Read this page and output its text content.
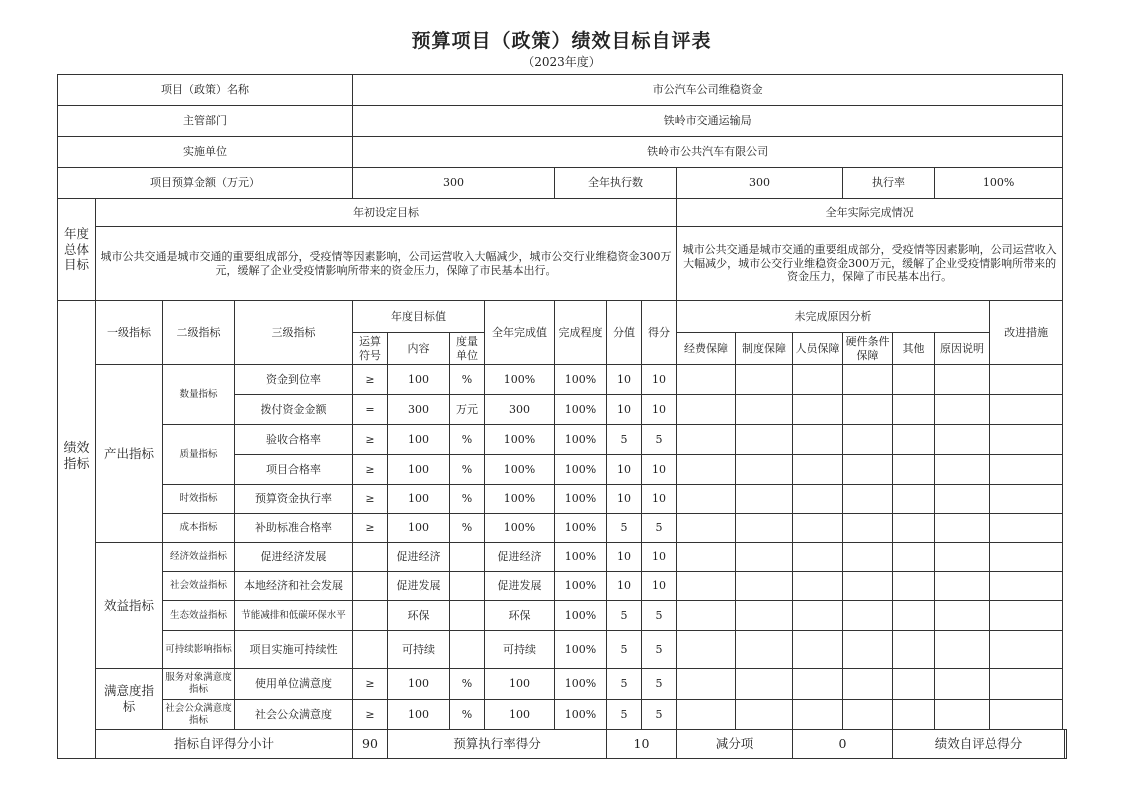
预算项目（政策）绩效目标自评表
（2023年度）
项目（政策）名称				市公汽车公司维稳资金														
主管部门				铁岭市交通运输局														
实施单位				铁岭市公共汽车有限公司														
项目预算金额（万元）				300				全年执行数			300			执行率		100%		
年度总体目标	年初设定目标										全年实际完成情况							
	城市公共交通是城市交通的重要组成部分，受疫情等因素影响，公司运营收入大幅减少，城市公交行业维稳资金300万元，缓解了企业受疫情影响所带来的资金压力，保障了市民基本出行。										城市公共交通是城市交通的重要组成部分，受疫情等因素影响，公司运营收入大幅减少，城市公交行业维稳资金300万元，缓解了企业受疫情影响所带来的资金压力，保障了市民基本出行。							
绩效指标	一级指标	二级指标	三级指标	年度目标值			全年完成值	完成程度	分值	得分	未完成原因分析						改进措施	
				运算符号	内容	度量单位					经费保障	制度保障	人员保障	硬件条件保障	其他	原因说明		
	产出指标	数量指标	资金到位率	≥	100	%	100%	100%	10	10								
			拨付资金金额	=	300	万元	300	100%	10	10								
		质量指标	验收合格率	≥	100	%	100%	100%	5	5								
			项目合格率	≥	100	%	100%	100%	10	10								
		时效指标	预算资金执行率	≥	100	%	100%	100%	10	10								
		成本指标	补助标准合格率	≥	100	%	100%	100%	5	5								
	效益指标	经济效益指标	促进经济发展		促进经济		促进经济	100%	10	10								
		社会效益指标	本地经济和社会发展		促进发展		促进发展	100%	10	10								
		生态效益指标	节能减排和低碳环保水平		环保		环保	100%	5	5								
		可持续影响指标	项目实施可持续性		可持续		可持续	100%	5	5								
	满意度指标	服务对象满意度指标	使用单位满意度	≥	100	%	100	100%	5	5								
		社会公众满意度指标	社会公众满意度	≥	100	%	100	100%	5	5								
	指标自评得分小计			90	预算执行率得分				10		减分项		0		绩效自评总得分	
